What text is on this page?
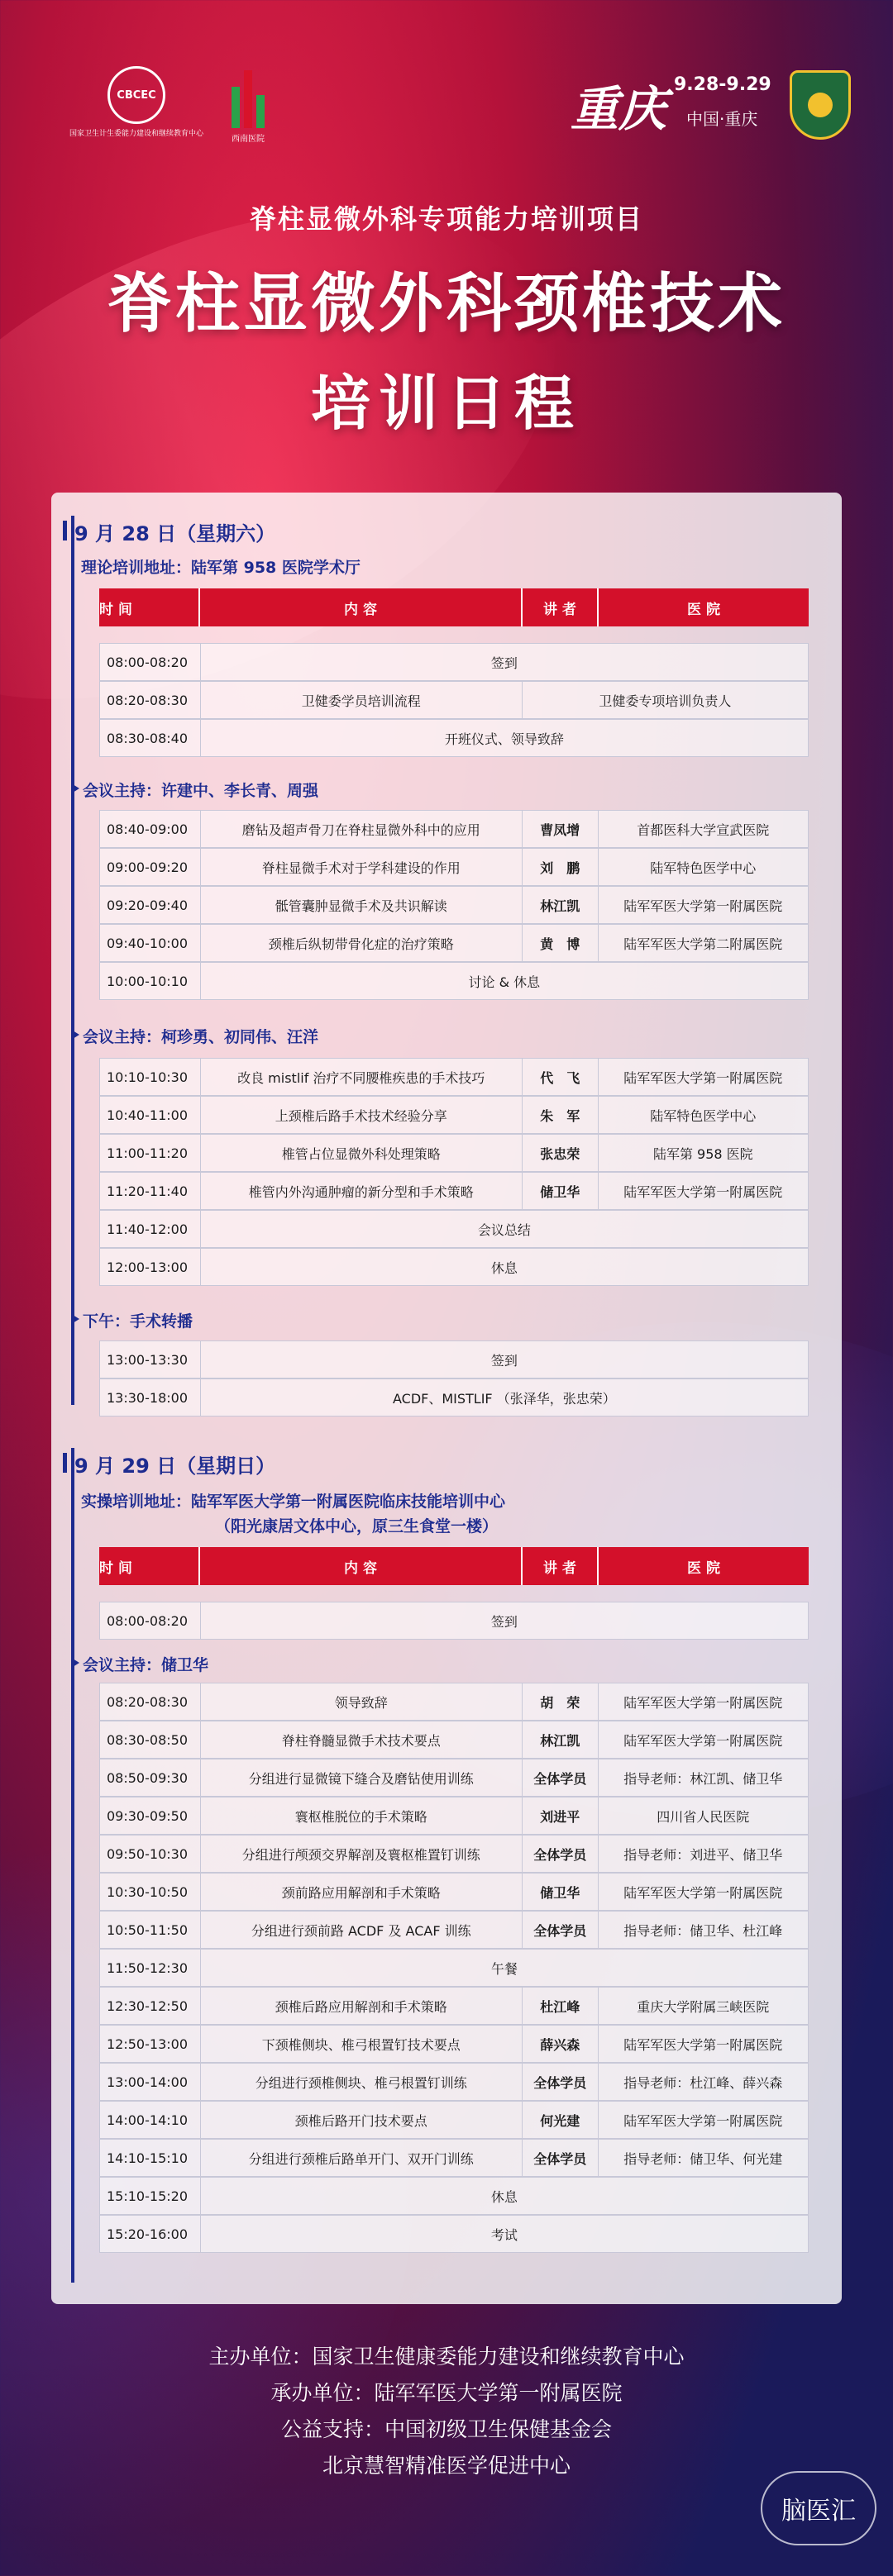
CBCEC
国家卫生计生委能力建设和继续教育中心
西南医院
重庆 9.28-9.29
中国·重庆
脊柱显微外科专项能力培训项目
脊柱显微外科颈椎技术
培训日程
9 月 28 日（星期六）
理论培训地址：陆军第 958 医院学术厅
时 间	内 容	讲 者	医 院
08:00-08:20	签到
08:20-08:30	卫健委学员培训流程	卫健委专项培训负责人
08:30-08:40	开班仪式、领导致辞
会议主持：许建中、李长青、周强
08:40-09:00	磨钻及超声骨刀在脊柱显微外科中的应用	曹凤增	首都医科大学宣武医院
09:00-09:20	脊柱显微手术对于学科建设的作用	刘　鹏	陆军特色医学中心
09:20-09:40	骶管囊肿显微手术及共识解读	林江凯	陆军军医大学第一附属医院
09:40-10:00	颈椎后纵韧带骨化症的治疗策略	黄　博	陆军军医大学第二附属医院
10:00-10:10	讨论 & 休息
会议主持：柯珍勇、初同伟、汪洋
10:10-10:30	改良 mistlif 治疗不同腰椎疾患的手术技巧	代　飞	陆军军医大学第一附属医院
10:40-11:00	上颈椎后路手术技术经验分享	朱　军	陆军特色医学中心
11:00-11:20	椎管占位显微外科处理策略	张忠荣	陆军第 958 医院
11:20-11:40	椎管内外沟通肿瘤的新分型和手术策略	储卫华	陆军军医大学第一附属医院
11:40-12:00	会议总结
12:00-13:00	休息
下午：手术转播
13:00-13:30	签到
13:30-18:00	ACDF、MISTLIF （张泽华，张忠荣）
9 月 29 日（星期日）
实操培训地址：陆军军医大学第一附属医院临床技能培训中心
（阳光康居文体中心，原三生食堂一楼）
时 间	内 容	讲 者	医 院
08:00-08:20	签到
会议主持：储卫华
08:20-08:30	领导致辞	胡　荣	陆军军医大学第一附属医院
08:30-08:50	脊柱脊髓显微手术技术要点	林江凯	陆军军医大学第一附属医院
08:50-09:30	分组进行显微镜下缝合及磨钻使用训练	全体学员	指导老师：林江凯、储卫华
09:30-09:50	寰枢椎脱位的手术策略	刘进平	四川省人民医院
09:50-10:30	分组进行颅颈交界解剖及寰枢椎置钉训练	全体学员	指导老师：刘进平、储卫华
10:30-10:50	颈前路应用解剖和手术策略	储卫华	陆军军医大学第一附属医院
10:50-11:50	分组进行颈前路 ACDF 及 ACAF 训练	全体学员	指导老师：储卫华、杜江峰
11:50-12:30	午餐
12:30-12:50	颈椎后路应用解剖和手术策略	杜江峰	重庆大学附属三峡医院
12:50-13:00	下颈椎侧块、椎弓根置钉技术要点	薛兴森	陆军军医大学第一附属医院
13:00-14:00	分组进行颈椎侧块、椎弓根置钉训练	全体学员	指导老师：杜江峰、薛兴森
14:00-14:10	颈椎后路开门技术要点	何光建	陆军军医大学第一附属医院
14:10-15:10	分组进行颈椎后路单开门、双开门训练	全体学员	指导老师：储卫华、何光建
15:10-15:20	休息
15:20-16:00	考试
主办单位：国家卫生健康委能力建设和继续教育中心
承办单位：陆军军医大学第一附属医院
公益支持：中国初级卫生保健基金会
北京慧智精准医学促进中心
脑医汇
